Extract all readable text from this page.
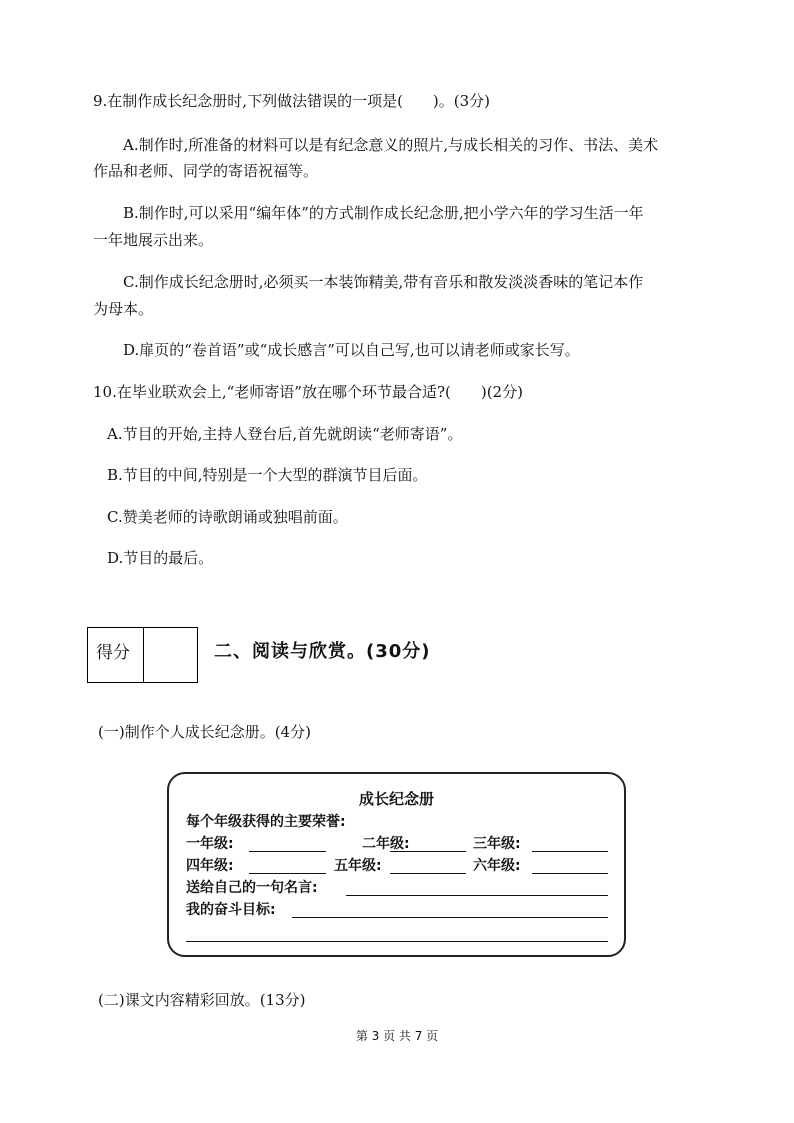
9.在制作成长纪念册时,下列做法错误的一项是(　　)。(3分)
A.制作时,所准备的材料可以是有纪念意义的照片,与成长相关的习作、书法、美术
作品和老师、同学的寄语祝福等。
B.制作时,可以采用“编年体”的方式制作成长纪念册,把小学六年的学习生活一年
一年地展示出来。
C.制作成长纪念册时,必须买一本装饰精美,带有音乐和散发淡淡香味的笔记本作
为母本。
D.扉页的“卷首语”或“成长感言”可以自己写,也可以请老师或家长写。
10.在毕业联欢会上,“老师寄语”放在哪个环节最合适?(　　)(2分)
A.节目的开始,主持人登台后,首先就朗读“老师寄语”。
B.节目的中间,特别是一个大型的群演节目后面。
C.赞美老师的诗歌朗诵或独唱前面。
D.节目的最后。
得分	二、阅读与欣赏。(30分)
(一)制作个人成长纪念册。(4分)
成长纪念册
每个年级获得的主要荣誉:
一年级:	二年级:	三年级:
四年级:	五年级:	六年级:
送给自己的一句名言:
我的奋斗目标:
(二)课文内容精彩回放。(13分)
第 3 页 共 7 页
